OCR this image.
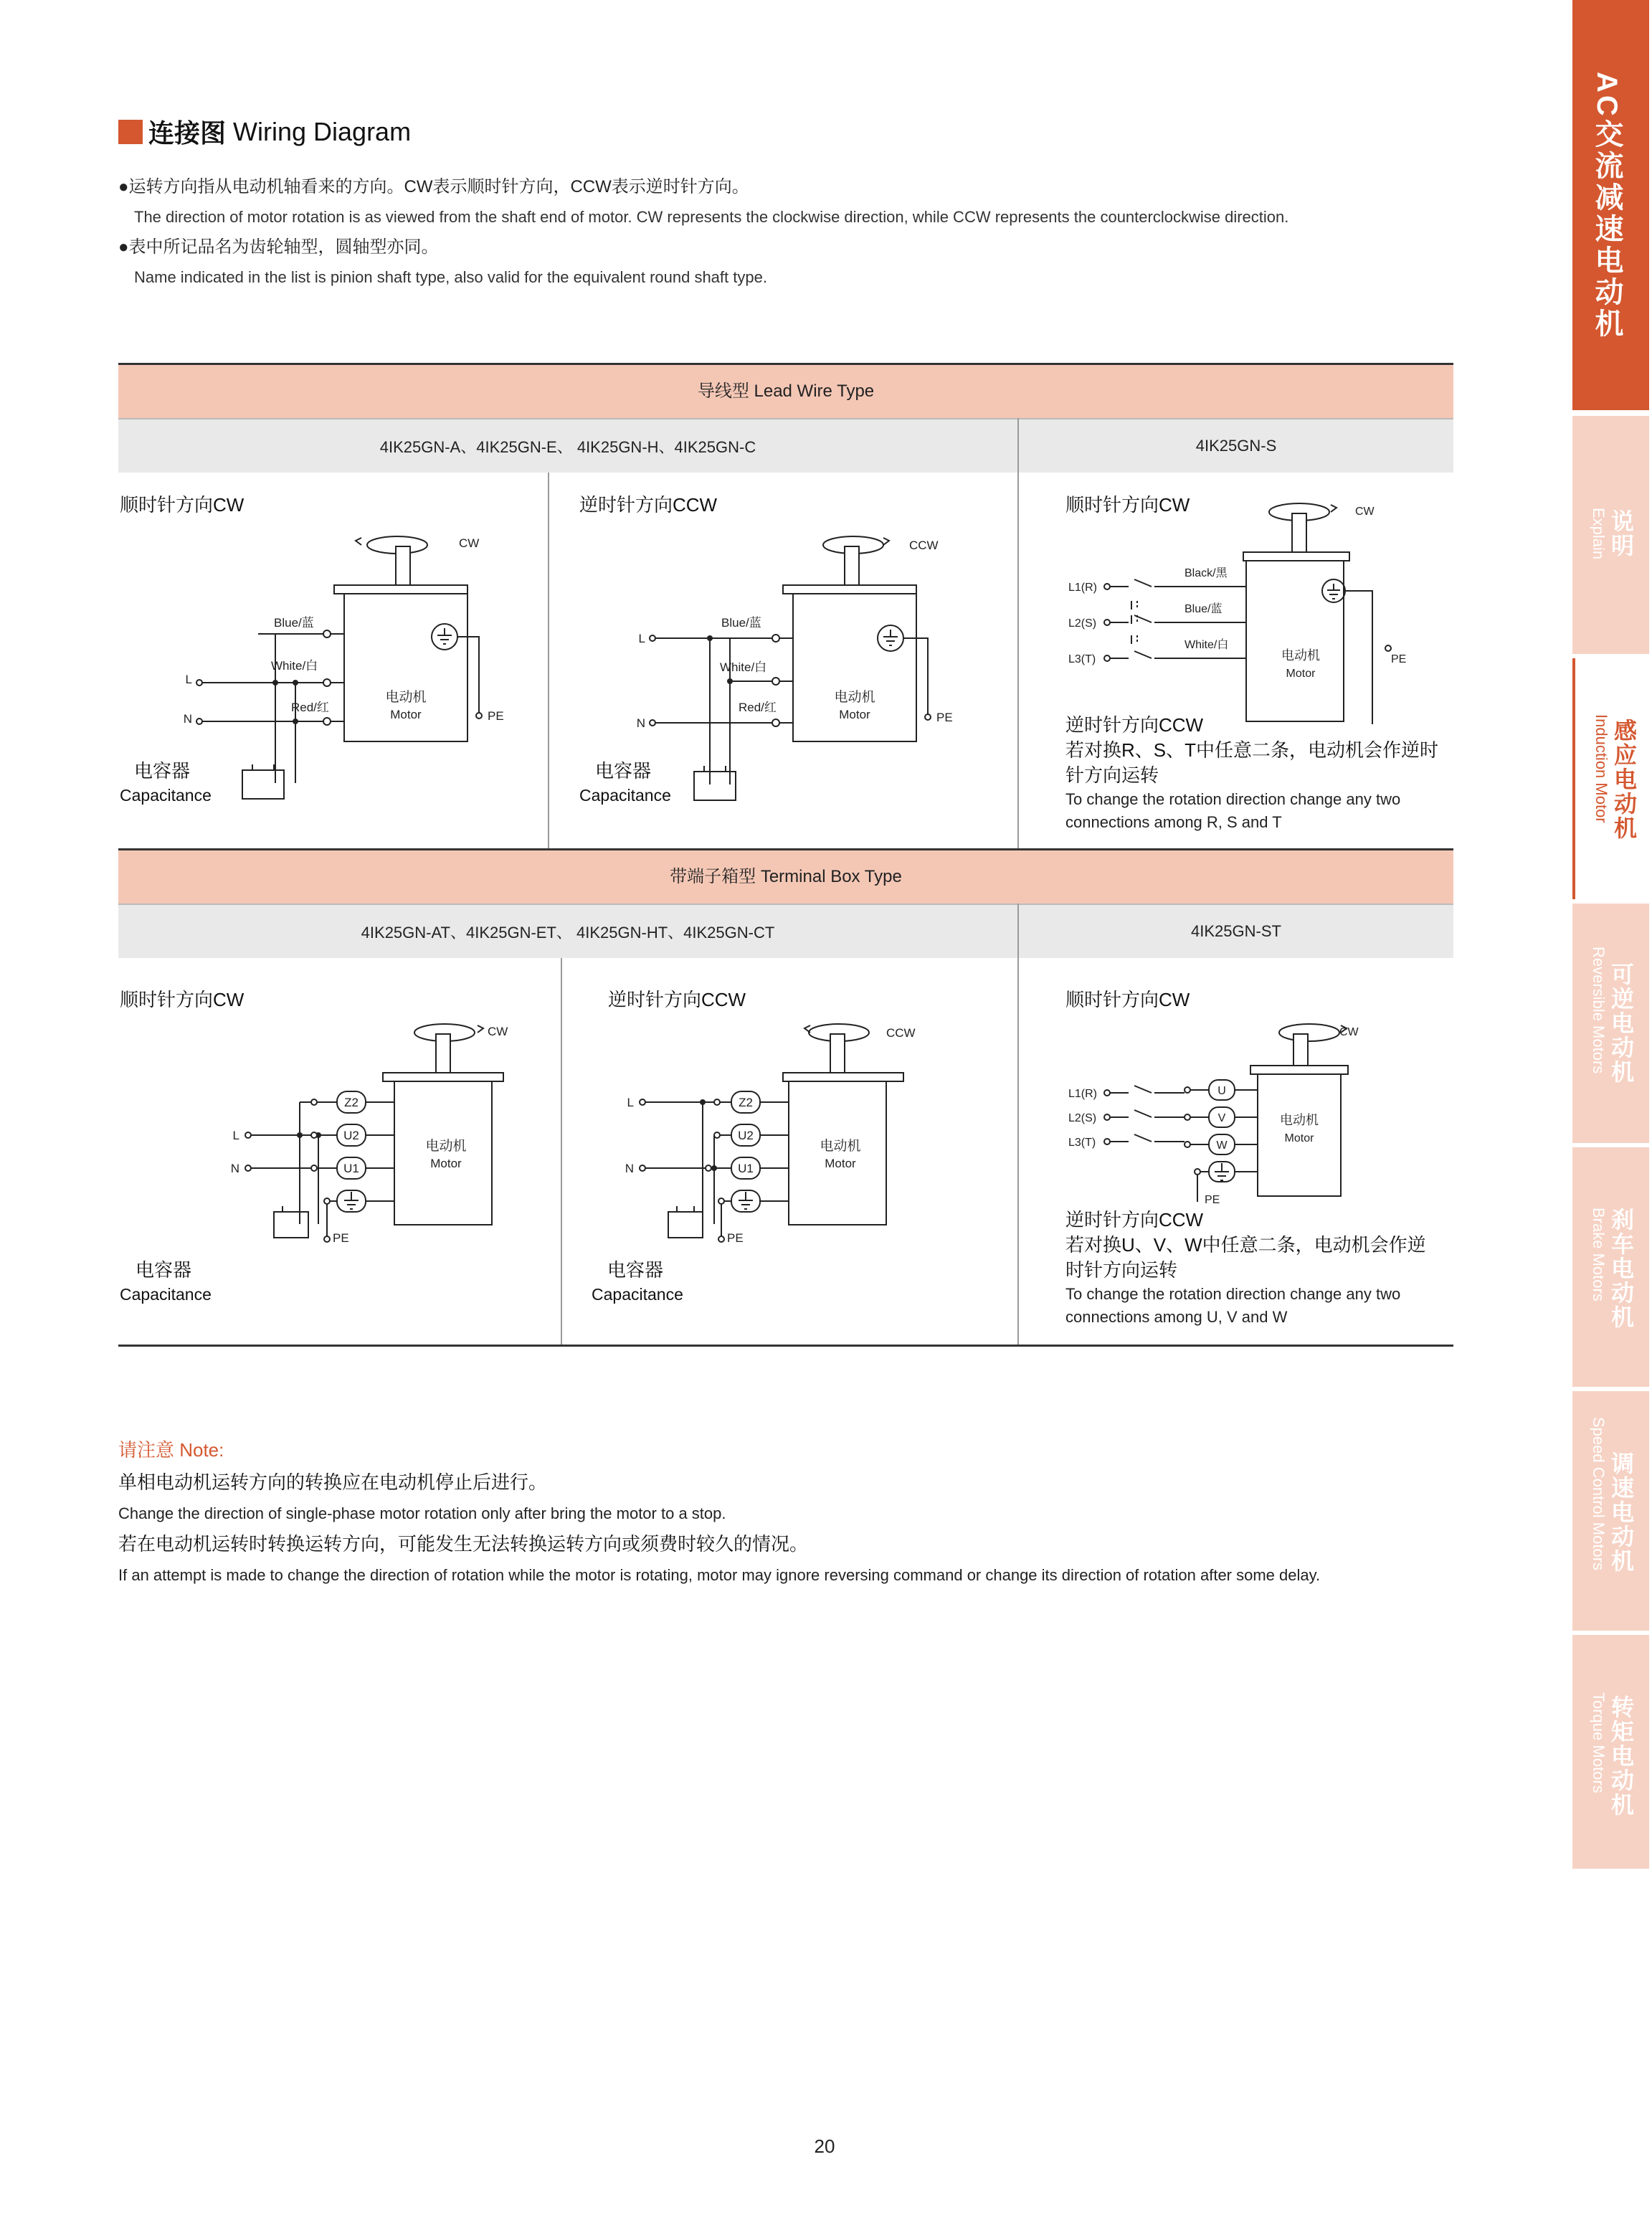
连接图 Wiring Diagram
●运转方向指从电动机轴看来的方向。CW表示顺时针方向，CCW表示逆时针方向。
The direction of motor rotation is as viewed from the shaft end of motor. CW represents the clockwise direction, while CCW represents the counterclockwise direction.
●表中所记品名为齿轮轴型，圆轴型亦同。
Name indicated in the list is pinion shaft type, also valid for the equivalent round shaft type.
导线型 Lead Wire Type
4IK25GN-A、4IK25GN-E、 4IK25GN-H、4IK25GN-C	4IK25GN-S
顺时针方向CW	逆时针方向CCW	顺时针方向CW
CW
Blue/蓝
White/白
Red/红
L
N	PE
电动机
Motor
电容器
Capacitance
CCW
Blue/蓝
White/白
Red/红
L
N	PE
电动机
Motor
电容器
Capacitance
CW
L1(R)
L2(S)
L3(T)
Black/黑
Blue/蓝
White/白
PE
电动机
Motor
逆时针方向CCW
若对换R、S、T中任意二条，电动机会作逆时针方向运转
To change the rotation direction change any two connections among R, S and T
带端子箱型 Terminal Box Type
4IK25GN-AT、4IK25GN-ET、 4IK25GN-HT、4IK25GN-CT	4IK25GN-ST
顺时针方向CW	逆时针方向CCW	顺时针方向CW
CW
Z2
U2
U1
L
N
PE
电动机
Motor
电容器
Capacitance
CCW
Z2
U2
U1
L
N
PE
电动机
Motor
电容器
Capacitance
CW
L1(R)
L2(S)
L3(T)
U
V
W
PE
电动机
Motor
逆时针方向CCW
若对换U、V、W中任意二条，电动机会作逆时针方向运转
To change the rotation direction change any two connections among U, V and W
请注意 Note:
单相电动机运转方向的转换应在电动机停止后进行。
Change the direction of single-phase motor rotation only after bring the motor to a stop.
若在电动机运转时转换运转方向，可能发生无法转换运转方向或须费时较久的情况。
If an attempt is made to change the direction of rotation while the motor is rotating, motor may ignore reversing command or change its direction of rotation after some delay.
20
AC交流减速电动机
说明
Explain
感应电动机
Induction Motor
可逆电动机
Reversible Motors
刹车电动机
Brake Motors
调速电动机
Speed Control Motors
转矩电动机
Torque Motors
